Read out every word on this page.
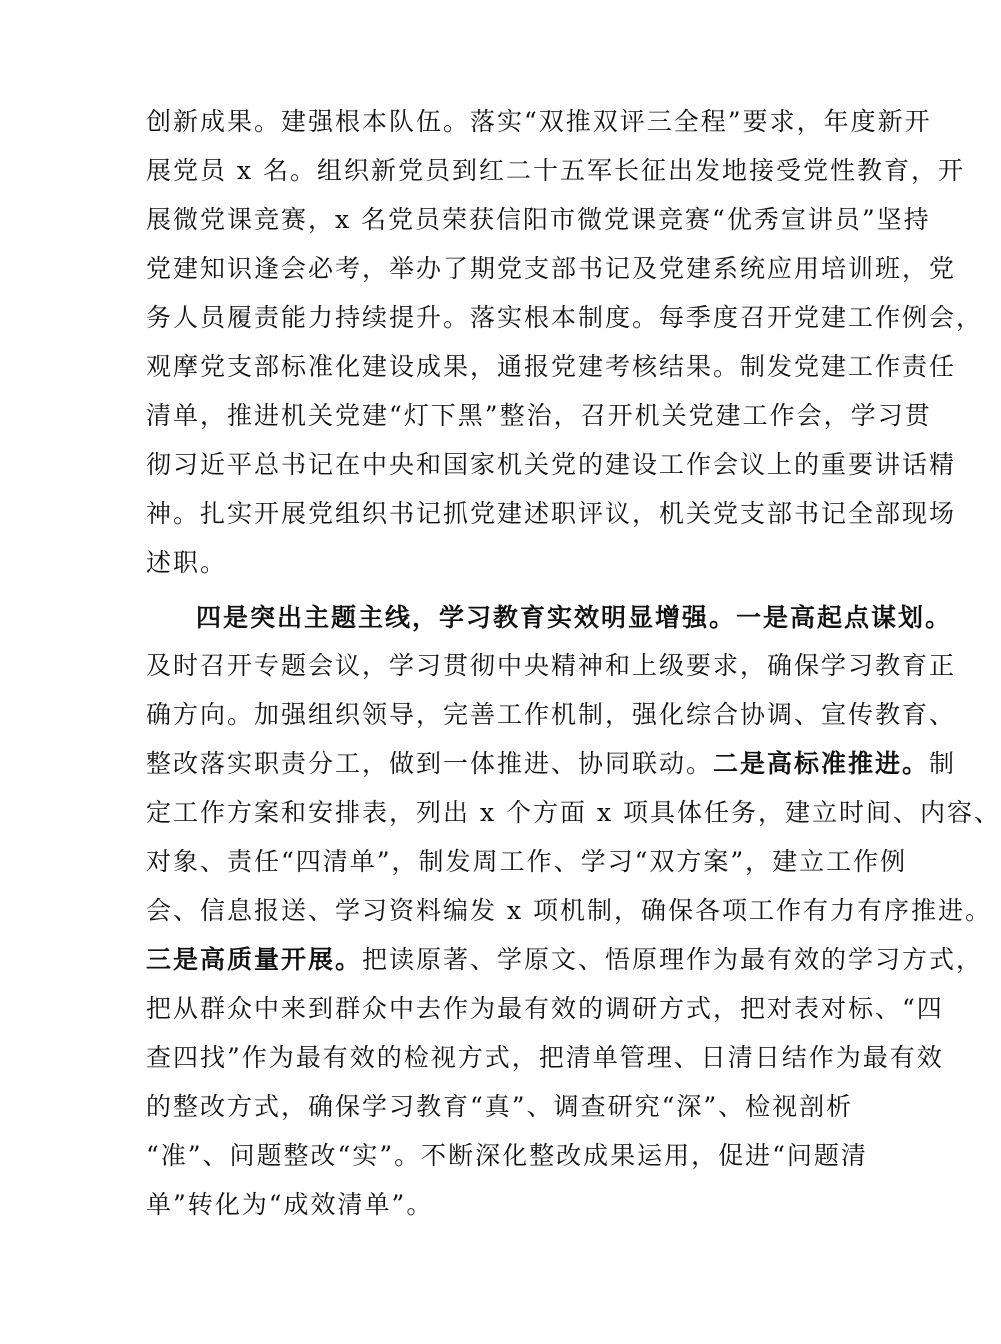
创新成果。建强根本队伍。落实“双推双评三全程”要求，年度新开
展党员 x 名。组织新党员到红二十五军长征出发地接受党性教育，开
展微党课竞赛，x 名党员荣获信阳市微党课竞赛“优秀宣讲员”坚持
党建知识逢会必考，举办了期党支部书记及党建系统应用培训班，党
务人员履责能力持续提升。落实根本制度。每季度召开党建工作例会，
观摩党支部标准化建设成果，通报党建考核结果。制发党建工作责任
清单，推进机关党建“灯下黑”整治，召开机关党建工作会，学习贯
彻习近平总书记在中央和国家机关党的建设工作会议上的重要讲话精
神。扎实开展党组织书记抓党建述职评议，机关党支部书记全部现场
述职。
四是突出主题主线，学习教育实效明显增强。一是高起点谋划。
及时召开专题会议，学习贯彻中央精神和上级要求，确保学习教育正
确方向。加强组织领导，完善工作机制，强化综合协调、宣传教育、
整改落实职责分工，做到一体推进、协同联动。二是高标准推进。制
定工作方案和安排表，列出 x 个方面 x 项具体任务，建立时间、内容、
对象、责任“四清单”，制发周工作、学习“双方案”，建立工作例
会、信息报送、学习资料编发 x 项机制，确保各项工作有力有序推进。
三是高质量开展。把读原著、学原文、悟原理作为最有效的学习方式，
把从群众中来到群众中去作为最有效的调研方式，把对表对标、“四
查四找”作为最有效的检视方式，把清单管理、日清日结作为最有效
的整改方式，确保学习教育“真”、调查研究“深”、检视剖析
“准”、问题整改“实”。不断深化整改成果运用，促进“问题清
单”转化为“成效清单”。
